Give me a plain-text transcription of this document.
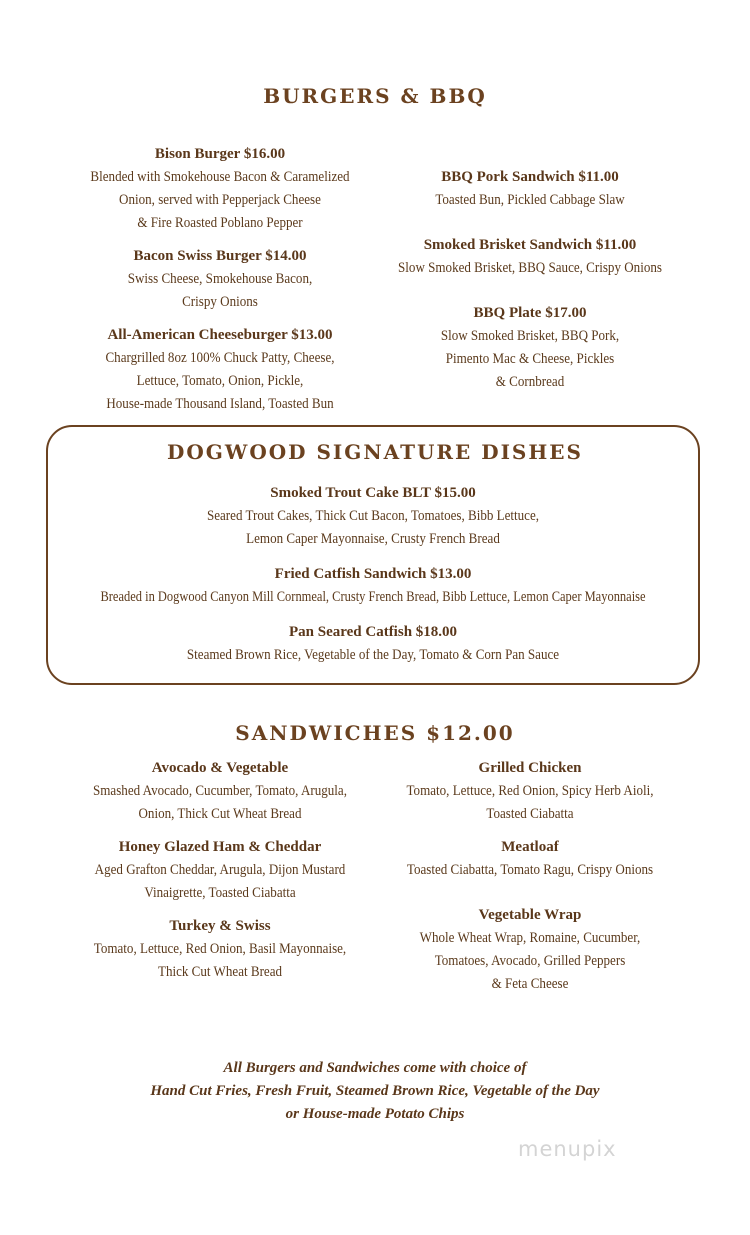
BURGERS & BBQ
Bison Burger $16.00
Blended with Smokehouse Bacon & Caramelized
Onion, served with Pepperjack Cheese
& Fire Roasted Poblano Pepper
Bacon Swiss Burger $14.00
Swiss Cheese, Smokehouse Bacon,
Crispy Onions
All-American Cheeseburger $13.00
Chargrilled 8oz 100% Chuck Patty, Cheese,
Lettuce, Tomato, Onion, Pickle,
House-made Thousand Island, Toasted Bun
BBQ Pork Sandwich $11.00
Toasted Bun, Pickled Cabbage Slaw
Smoked Brisket Sandwich $11.00
Slow Smoked Brisket, BBQ Sauce, Crispy Onions
BBQ Plate $17.00
Slow Smoked Brisket, BBQ Pork,
Pimento Mac & Cheese, Pickles
& Cornbread
DOGWOOD SIGNATURE DISHES
Smoked Trout Cake BLT $15.00
Seared Trout Cakes, Thick Cut Bacon, Tomatoes, Bibb Lettuce,
Lemon Caper Mayonnaise, Crusty French Bread
Fried Catfish Sandwich $13.00
Breaded in Dogwood Canyon Mill Cornmeal, Crusty French Bread, Bibb Lettuce, Lemon Caper Mayonnaise
Pan Seared Catfish $18.00
Steamed Brown Rice, Vegetable of the Day, Tomato & Corn Pan Sauce
SANDWICHES $12.00
Avocado & Vegetable
Smashed Avocado, Cucumber, Tomato, Arugula,
Onion, Thick Cut Wheat Bread
Honey Glazed Ham & Cheddar
Aged Grafton Cheddar, Arugula, Dijon Mustard
Vinaigrette, Toasted Ciabatta
Turkey & Swiss
Tomato, Lettuce, Red Onion, Basil Mayonnaise,
Thick Cut Wheat Bread
Grilled Chicken
Tomato, Lettuce, Red Onion, Spicy Herb Aioli,
Toasted Ciabatta
Meatloaf
Toasted Ciabatta, Tomato Ragu, Crispy Onions
Vegetable Wrap
Whole Wheat Wrap, Romaine, Cucumber,
Tomatoes, Avocado, Grilled Peppers
& Feta Cheese
All Burgers and Sandwiches come with choice of
Hand Cut Fries, Fresh Fruit, Steamed Brown Rice, Vegetable of the Day
or House-made Potato Chips
menupix
